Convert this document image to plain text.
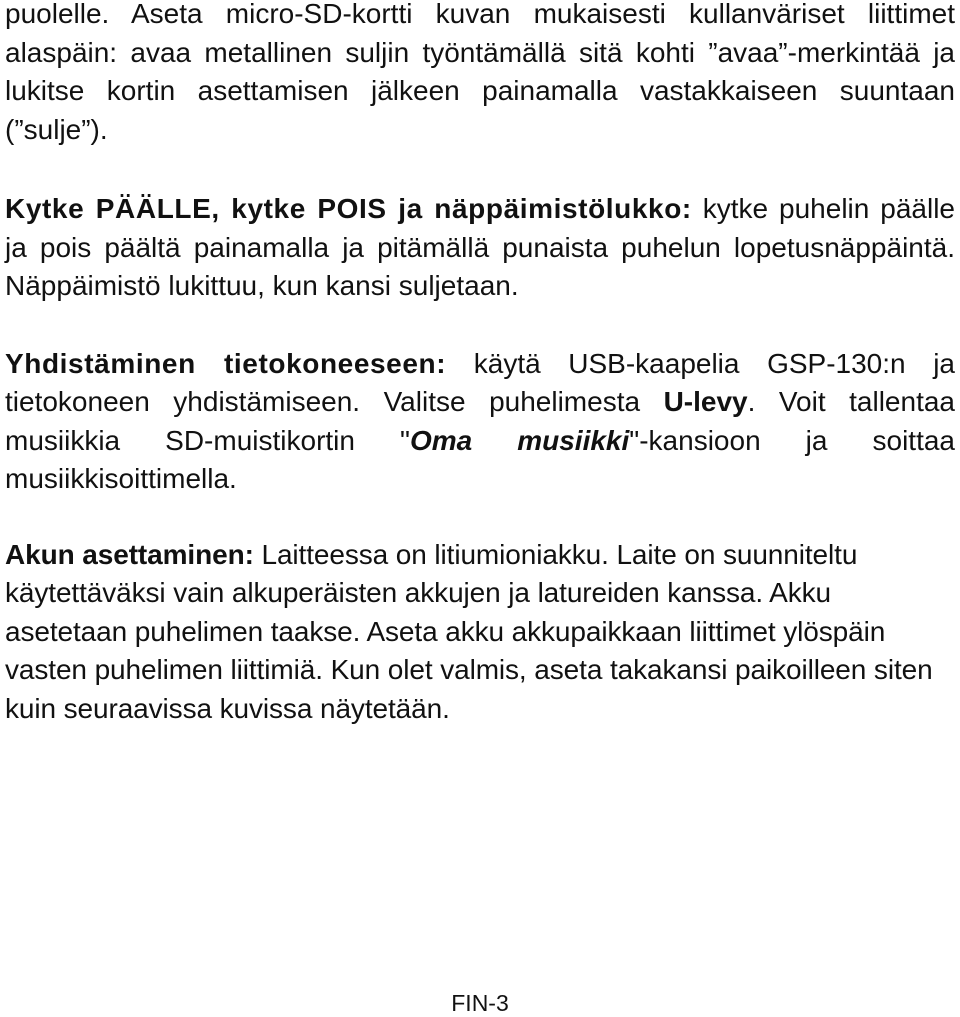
puolelle. Aseta micro-SD-kortti kuvan mukaisesti kullanväriset liittimet alaspäin: avaa metallinen suljin työntämällä sitä kohti ”avaa”-merkintää ja lukitse kortin asettamisen jälkeen painamalla vastakkaiseen suuntaan (”sulje”).

Kytke PÄÄLLE, kytke POIS ja näppäimistölukko: kytke puhelin päälle ja pois päältä painamalla ja pitämällä punaista puhelun lopetusnäppäintä. Näppäimistö lukittuu, kun kansi suljetaan.

Yhdistäminen tietokoneeseen: käytä USB-kaapelia GSP-130:n ja tietokoneen yhdistämiseen. Valitse puhelimesta U-levy. Voit tallentaa musiikkia SD-muistikortin "Oma musiikki"-kansioon ja soittaa musiikkisoittimella.

Akun asettaminen: Laitteessa on litiumioniakku. Laite on suunniteltu käytettäväksi vain alkuperäisten akkujen ja latureiden kanssa. Akku asetetaan puhelimen taakse. Aseta akku akkupaikkaan liittimet ylöspäin vasten puhelimen liittimiä. Kun olet valmis, aseta takakansi paikoilleen siten kuin seuraavissa kuvissa näytetään.

FIN-3
